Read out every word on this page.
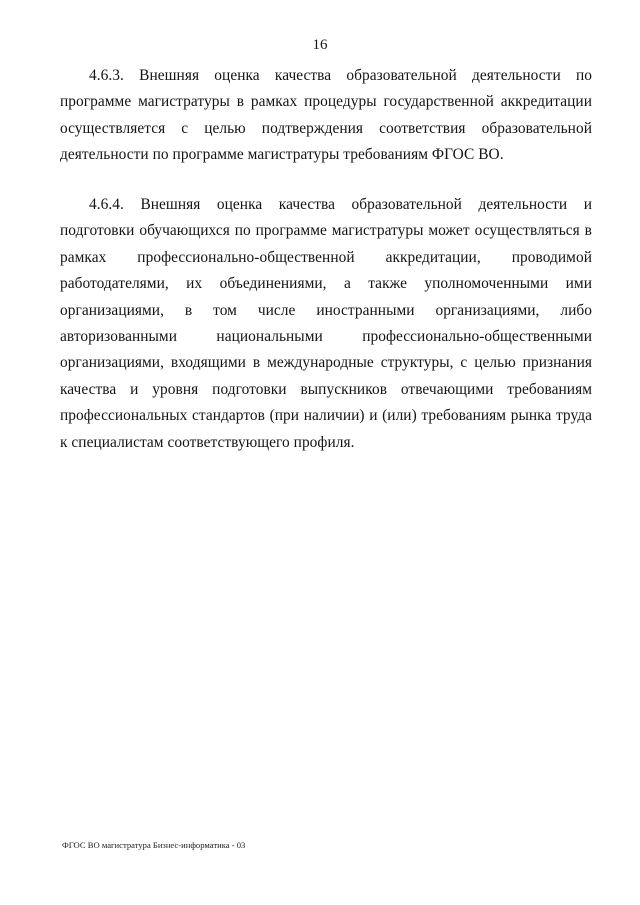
16

4.6.3. Внешняя оценка качества образовательной деятельности по программе магистратуры в рамках процедуры государственной аккредитации осуществляется с целью подтверждения соответствия образовательной деятельности по программе магистратуры требованиям ФГОС ВО.

4.6.4. Внешняя оценка качества образовательной деятельности и подготовки обучающихся по программе магистратуры может осуществляться в рамках профессионально-общественной аккредитации, проводимой работодателями, их объединениями, а также уполномоченными ими организациями, в том числе иностранными организациями, либо авторизованными национальными профессионально-общественными организациями, входящими в международные структуры, с целью признания качества и уровня подготовки выпускников отвечающими требованиям профессиональных стандартов (при наличии) и (или) требованиям рынка труда к специалистам соответствующего профиля.

ФГОС ВО магистратура Бизнес-информатика - 03
